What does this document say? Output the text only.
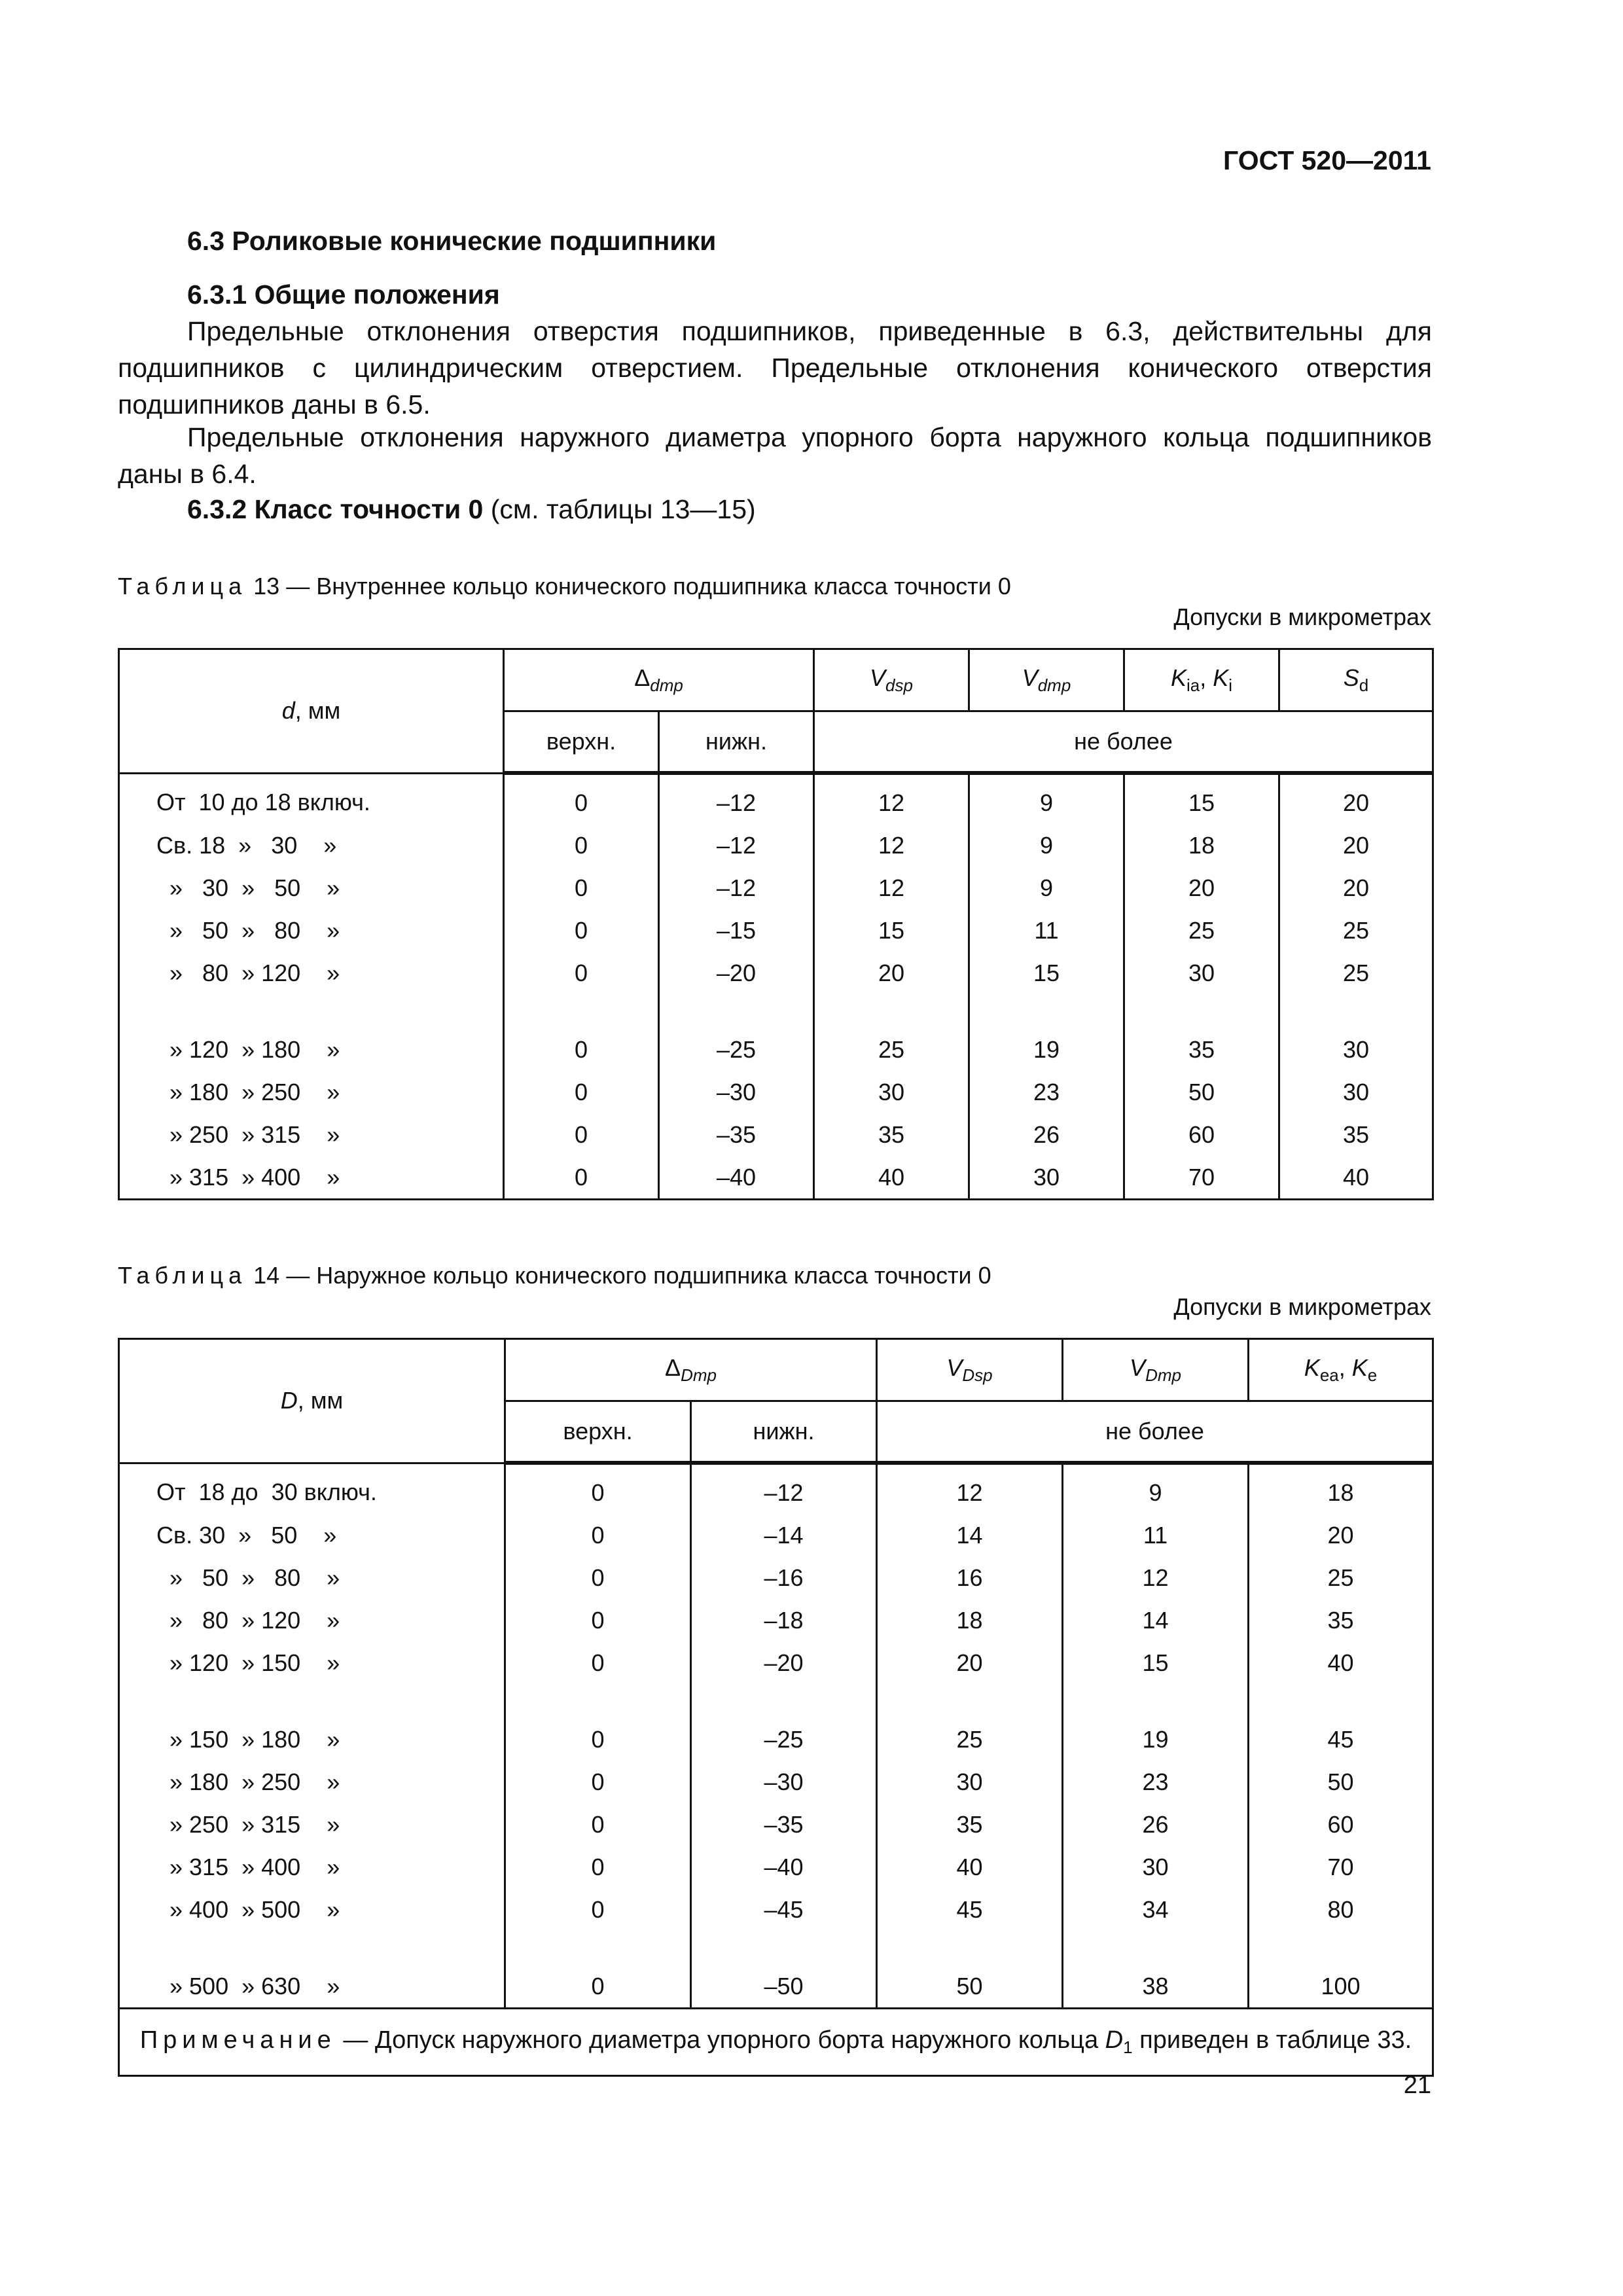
ГОСТ 520—2011
6.3 Роликовые конические подшипники
6.3.1 Общие положения
Предельные отклонения отверстия подшипников, приведенные в 6.3, действительны для подшипников с цилиндрическим отверстием. Предельные отклонения конического отверстия подшипников даны в 6.5.
Предельные отклонения наружного диаметра упорного борта наружного кольца подшипников даны в 6.4.
6.3.2 Класс точности 0 (см. таблицы 13—15)
Таблица 13 — Внутреннее кольцо конического подшипника класса точности 0
Допуски в микрометрах
d, мм	$\Delta_{dmp}$		$V_{dsp}$	$V_{dmp}$	$K_{ia}$, $K_i$	$S_d$
	верхн.	нижн.	не более			
От  10 до 18 включ.	0	–12	12	9	15	20
Св. 18  »   30    »	0	–12	12	9	18	20
»   30  »   50    »	0	–12	12	9	20	20
»   50  »   80    »	0	–15	15	11	25	25
»   80  » 120    »	0	–20	20	15	30	25

» 120  » 180    »	0	–25	25	19	35	30
» 180  » 250    »	0	–30	30	23	50	30
» 250  » 315    »	0	–35	35	26	60	35
» 315  » 400    »	0	–40	40	30	70	40
Таблица 14 — Наружное кольцо конического подшипника класса точности 0
Допуски в микрометрах
D, мм	$\Delta_{Dmp}$		$V_{Dsp}$	$V_{Dmp}$	$K_{ea}$, $K_e$
	верхн.	нижн.	не более		
От  18 до  30 включ.	0	–12	12	9	18
Св. 30  »   50    »	0	–14	14	11	20
»   50  »   80    »	0	–16	16	12	25
»   80  » 120    »	0	–18	18	14	35
» 120  » 150    »	0	–20	20	15	40

» 150  » 180    »	0	–25	25	19	45
» 180  » 250    »	0	–30	30	23	50
» 250  » 315    »	0	–35	35	26	60
» 315  » 400    »	0	–40	40	30	70
» 400  » 500    »	0	–45	45	34	80

» 500  » 630    »	0	–50	50	38	100
Примечание — Допуск наружного диаметра упорного борта наружного кольца $D_1$ приведен в таблице 33.					
21
